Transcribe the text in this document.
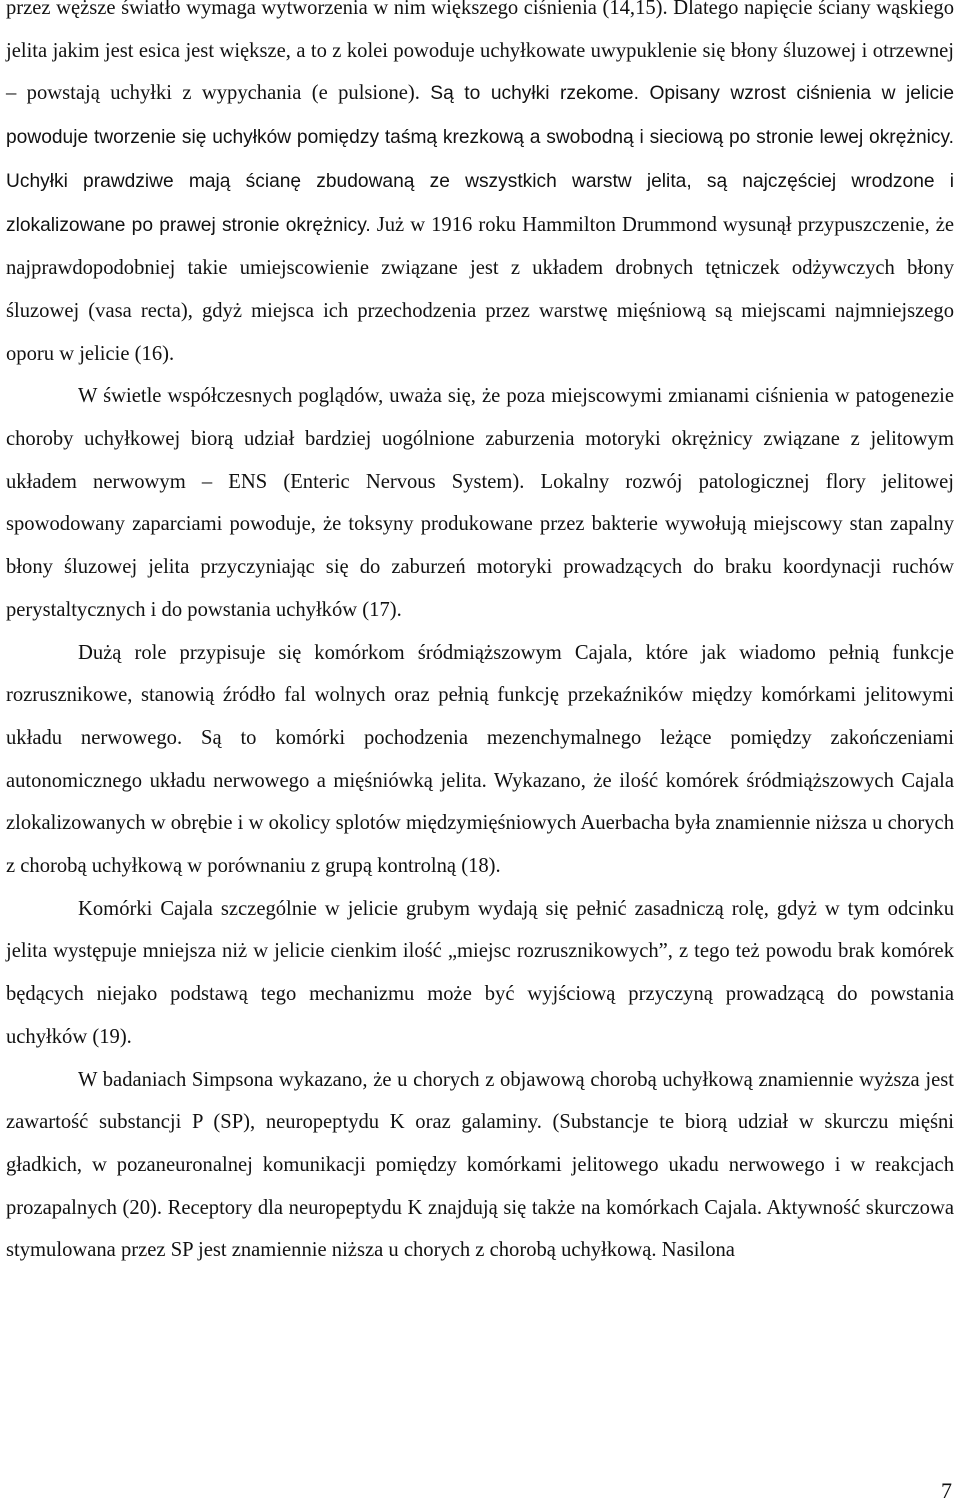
przez węższe światło wymaga wytworzenia w nim większego ciśnienia (14,15). Dlatego napięcie ściany wąskiego jelita jakim jest esica jest większe, a to z kolei powoduje uchyłkowate uwypuklenie się błony śluzowej i otrzewnej – powstają uchyłki z wypychania (e pulsione). Są to uchyłki rzekome. Opisany wzrost ciśnienia w jelicie powoduje tworzenie się uchyłków pomiędzy taśmą krezkową a swobodną i sieciową po stronie lewej okrężnicy. Uchyłki prawdziwe mają ścianę zbudowaną ze wszystkich warstw jelita, są najczęściej wrodzone i zlokalizowane po prawej stronie okrężnicy. Już w 1916 roku Hammilton Drummond wysunął przypuszczenie, że najprawdopodobniej takie umiejscowienie związane jest z układem drobnych tętniczek odżywczych błony śluzowej (vasa recta), gdyż miejsca ich przechodzenia przez warstwę mięśniową są miejscami najmniejszego oporu w jelicie (16).

W świetle współczesnych poglądów, uważa się, że poza miejscowymi zmianami ciśnienia w patogenezie choroby uchyłkowej biorą udział bardziej uogólnione zaburzenia motoryki okrężnicy związane z jelitowym układem nerwowym – ENS (Enteric Nervous System). Lokalny rozwój patologicznej flory jelitowej spowodowany zaparciami powoduje, że toksyny produkowane przez bakterie wywołują miejscowy stan zapalny błony śluzowej jelita przyczyniając się do zaburzeń motoryki prowadzących do braku koordynacji ruchów perystaltycznych i do powstania uchyłków (17).

Dużą role przypisuje się komórkom śródmiąższowym Cajala, które jak wiadomo pełnią funkcje rozrusznikowe, stanowią źródło fal wolnych oraz pełnią funkcję przekaźników między komórkami jelitowymi układu nerwowego. Są to komórki pochodzenia mezenchymalnego leżące pomiędzy zakończeniami autonomicznego układu nerwowego a mięśniówką jelita. Wykazano, że ilość komórek śródmiąższowych Cajala zlokalizowanych w obrębie i w okolicy splotów międzymięśniowych Auerbacha była znamiennie niższa u chorych z chorobą uchyłkową w porównaniu z grupą kontrolną (18).

Komórki Cajala szczególnie w jelicie grubym wydają się pełnić zasadniczą rolę, gdyż w tym odcinku jelita występuje mniejsza niż w jelicie cienkim ilość „miejsc rozrusznikowych”, z tego też powodu brak komórek będących niejako podstawą tego mechanizmu może być wyjściową przyczyną prowadzącą do powstania uchyłków (19).

W badaniach Simpsona wykazano, że u chorych z objawową chorobą uchyłkową znamiennie wyższa jest zawartość substancji P (SP), neuropeptydu K oraz galaminy. (Substancje te biorą udział w skurczu mięśni gładkich, w pozaneuronalnej komunikacji pomiędzy komórkami jelitowego ukadu nerwowego i w reakcjach prozapalnych (20). Receptory dla neuropeptydu K znajdują się także na komórkach Cajala. Aktywność skurczowa stymulowana przez SP jest znamiennie niższa u chorych z chorobą uchyłkową. Nasilona

7
